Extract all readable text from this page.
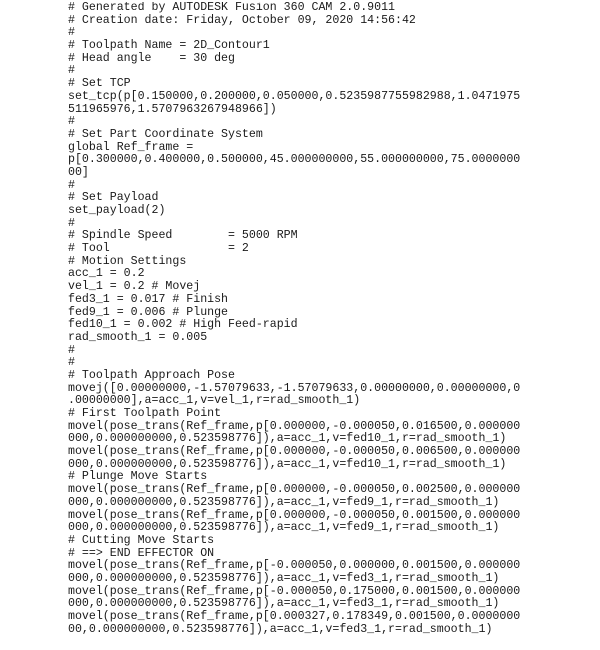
# Generated by AUTODESK Fusion 360 CAM 2.0.9011
# Creation date: Friday, October 09, 2020 14:56:42
#
# Toolpath Name = 2D_Contour1
# Head angle    = 30 deg
#
# Set TCP
set_tcp(p[0.150000,0.200000,0.050000,0.5235987755982988,1.0471975
511965976,1.5707963267948966])
#
# Set Part Coordinate System
global Ref_frame =
p[0.300000,0.400000,0.500000,45.000000000,55.000000000,75.0000000
00]
#
# Set Payload
set_payload(2)
#
# Spindle Speed        = 5000 RPM
# Tool                 = 2
# Motion Settings
acc_1 = 0.2
vel_1 = 0.2 # Movej
fed3_1 = 0.017 # Finish
fed9_1 = 0.006 # Plunge
fed10_1 = 0.002 # High Feed-rapid
rad_smooth_1 = 0.005
#
#
# Toolpath Approach Pose
movej([0.00000000,-1.57079633,-1.57079633,0.00000000,0.00000000,0
.00000000],a=acc_1,v=vel_1,r=rad_smooth_1)
# First Toolpath Point
movel(pose_trans(Ref_frame,p[0.000000,-0.000050,0.016500,0.000000
000,0.000000000,0.523598776]),a=acc_1,v=fed10_1,r=rad_smooth_1)
movel(pose_trans(Ref_frame,p[0.000000,-0.000050,0.006500,0.000000
000,0.000000000,0.523598776]),a=acc_1,v=fed10_1,r=rad_smooth_1)
# Plunge Move Starts
movel(pose_trans(Ref_frame,p[0.000000,-0.000050,0.002500,0.000000
000,0.000000000,0.523598776]),a=acc_1,v=fed9_1,r=rad_smooth_1)
movel(pose_trans(Ref_frame,p[0.000000,-0.000050,0.001500,0.000000
000,0.000000000,0.523598776]),a=acc_1,v=fed9_1,r=rad_smooth_1)
# Cutting Move Starts
# ==> END EFFECTOR ON
movel(pose_trans(Ref_frame,p[-0.000050,0.000000,0.001500,0.000000
000,0.000000000,0.523598776]),a=acc_1,v=fed3_1,r=rad_smooth_1)
movel(pose_trans(Ref_frame,p[-0.000050,0.175000,0.001500,0.000000
000,0.000000000,0.523598776]),a=acc_1,v=fed3_1,r=rad_smooth_1)
movel(pose_trans(Ref_frame,p[0.000327,0.178349,0.001500,0.0000000
00,0.000000000,0.523598776]),a=acc_1,v=fed3_1,r=rad_smooth_1)
